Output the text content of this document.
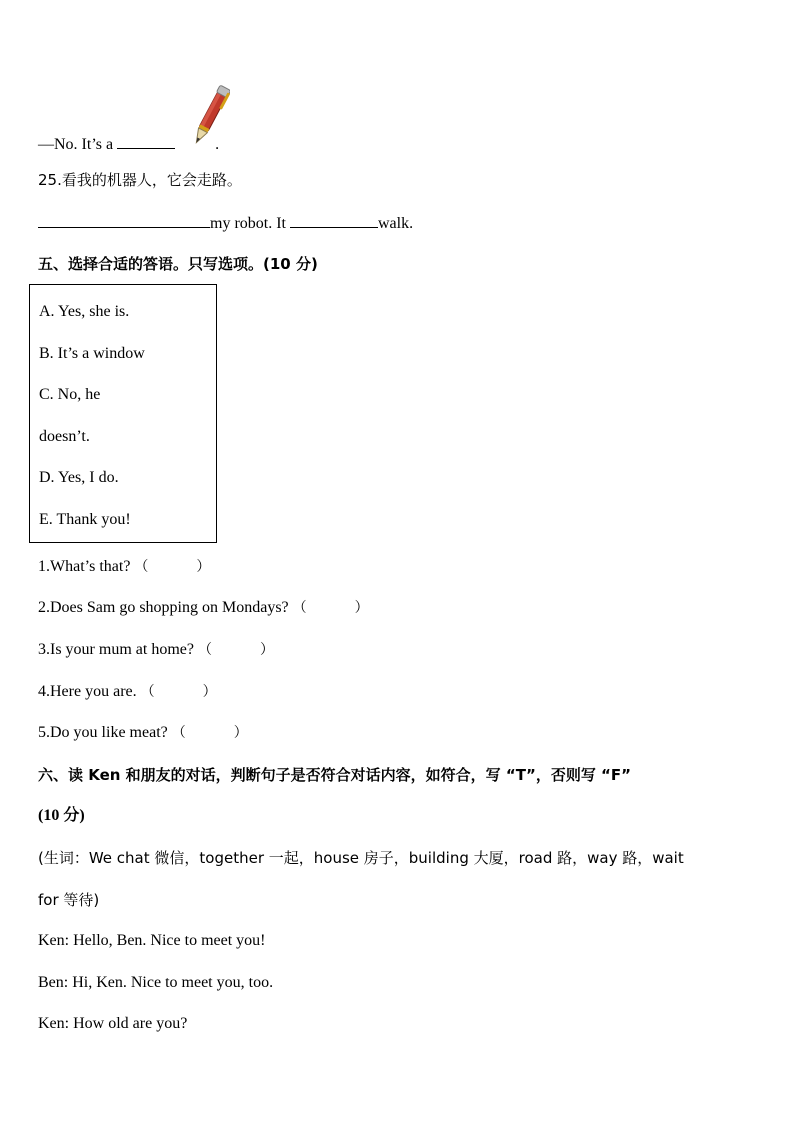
—No. It’s a	.
25.看我的机器人，它会走路。
my robot. It	walk.
五、选择合适的答语。只写选项。(10 分)
A. Yes, she is.
B. It’s a window
C. No, he
doesn’t.
D. Yes, I do.
E. Thank you!
1.What’s that? （	）
2.Does Sam go shopping on Mondays? （	）
3.Is your mum at home? （	）
4.Here you are. （	）
5.Do you like meat? （	）
六、读 Ken 和朋友的对话，判断句子是否符合对话内容，如符合，写 “T”，否则写 “F”
(10 分)
(生词：We chat 微信，together 一起，house 房子，building 大厦，road 路，way 路，wait
for 等待)
Ken: Hello, Ben. Nice to meet you!
Ben: Hi, Ken. Nice to meet you, too.
Ken: How old are you?
